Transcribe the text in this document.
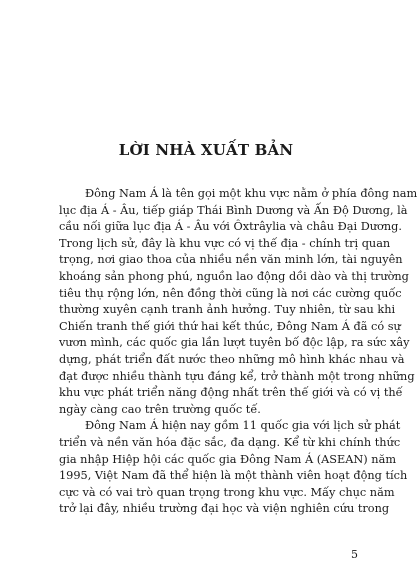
LỜI NHÀ XUẤT BẢN
Đông Nam Á là tên gọi một khu vực nằm ở phía đông nam
lục địa Á - Âu, tiếp giáp Thái Bình Dương và Ấn Độ Dương, là
cầu nối giữa lục địa Á - Âu với Ôxtrâylia và châu Đại Dương.
Trong lịch sử, đây là khu vực có vị thế địa - chính trị quan
trọng, nơi giao thoa của nhiều nền văn minh lớn, tài nguyên
khoáng sản phong phú, nguồn lao động dồi dào và thị trường
tiêu thụ rộng lớn, nên đồng thời cũng là nơi các cường quốc
thường xuyên cạnh tranh ảnh hưởng. Tuy nhiên, từ sau khi
Chiến tranh thế giới thứ hai kết thúc, Đông Nam Á đã có sự
vươn mình, các quốc gia lần lượt tuyên bố độc lập, ra sức xây
dựng, phát triển đất nước theo những mô hình khác nhau và
đạt được nhiều thành tựu đáng kể, trở thành một trong những
khu vực phát triển năng động nhất trên thế giới và có vị thế
ngày càng cao trên trường quốc tế.
Đông Nam Á hiện nay gồm 11 quốc gia với lịch sử phát
triển và nền văn hóa đặc sắc, đa dạng. Kể từ khi chính thức
gia nhập Hiệp hội các quốc gia Đông Nam Á (ASEAN) năm
1995, Việt Nam đã thể hiện là một thành viên hoạt động tích
cực và có vai trò quan trọng trong khu vực. Mấy chục năm
trở lại đây, nhiều trường đại học và viện nghiên cứu trong
5
